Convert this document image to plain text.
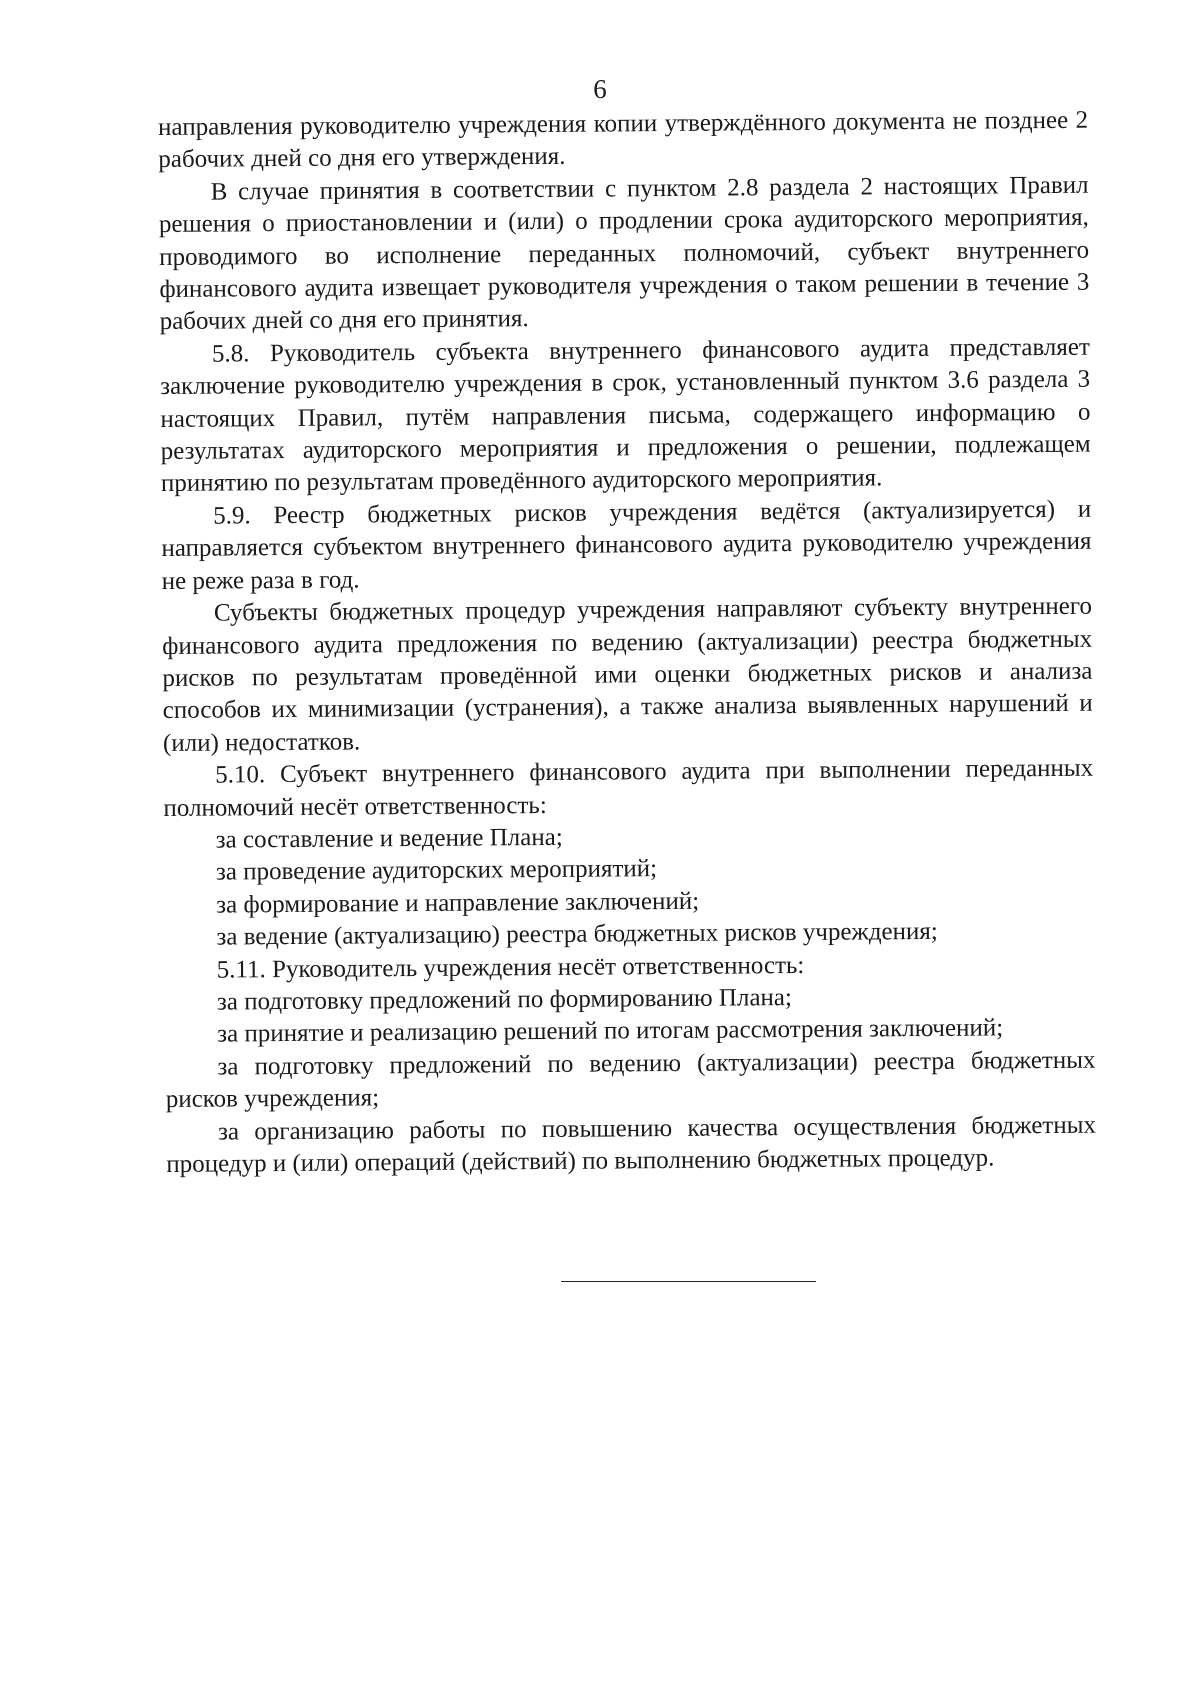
6

направления руководителю учреждения копии утверждённого документа не позднее 2 рабочих дней со дня его утверждения.

В случае принятия в соответствии с пунктом 2.8 раздела 2 настоящих Правил решения о приостановлении и (или) о продлении срока аудиторского мероприятия, проводимого во исполнение переданных полномочий, субъект внутреннего финансового аудита извещает руководителя учреждения о таком решении в течение 3 рабочих дней со дня его принятия.

5.8. Руководитель субъекта внутреннего финансового аудита представляет заключение руководителю учреждения в срок, установленный пунктом 3.6 раздела 3 настоящих Правил, путём направления письма, содержащего информацию о результатах аудиторского мероприятия и предложения о решении, подлежащем принятию по результатам проведённого аудиторского мероприятия.

5.9. Реестр бюджетных рисков учреждения ведётся (актуализируется) и направляется субъектом внутреннего финансового аудита руководителю учреждения не реже раза в год.

Субъекты бюджетных процедур учреждения направляют субъекту внутреннего финансового аудита предложения по ведению (актуализации) реестра бюджетных рисков по результатам проведённой ими оценки бюджетных рисков и анализа способов их минимизации (устранения), а также анализа выявленных нарушений и (или) недостатков.

5.10. Субъект внутреннего финансового аудита при выполнении переданных полномочий несёт ответственность:

за составление и ведение Плана;

за проведение аудиторских мероприятий;

за формирование и направление заключений;

за ведение (актуализацию) реестра бюджетных рисков учреждения;

5.11. Руководитель учреждения несёт ответственность:

за подготовку предложений по формированию Плана;

за принятие и реализацию решений по итогам рассмотрения заключений;

за подготовку предложений по ведению (актуализации) реестра бюджетных рисков учреждения;

за организацию работы по повышению качества осуществления бюджетных процедур и (или) операций (действий) по выполнению бюджетных процедур.
